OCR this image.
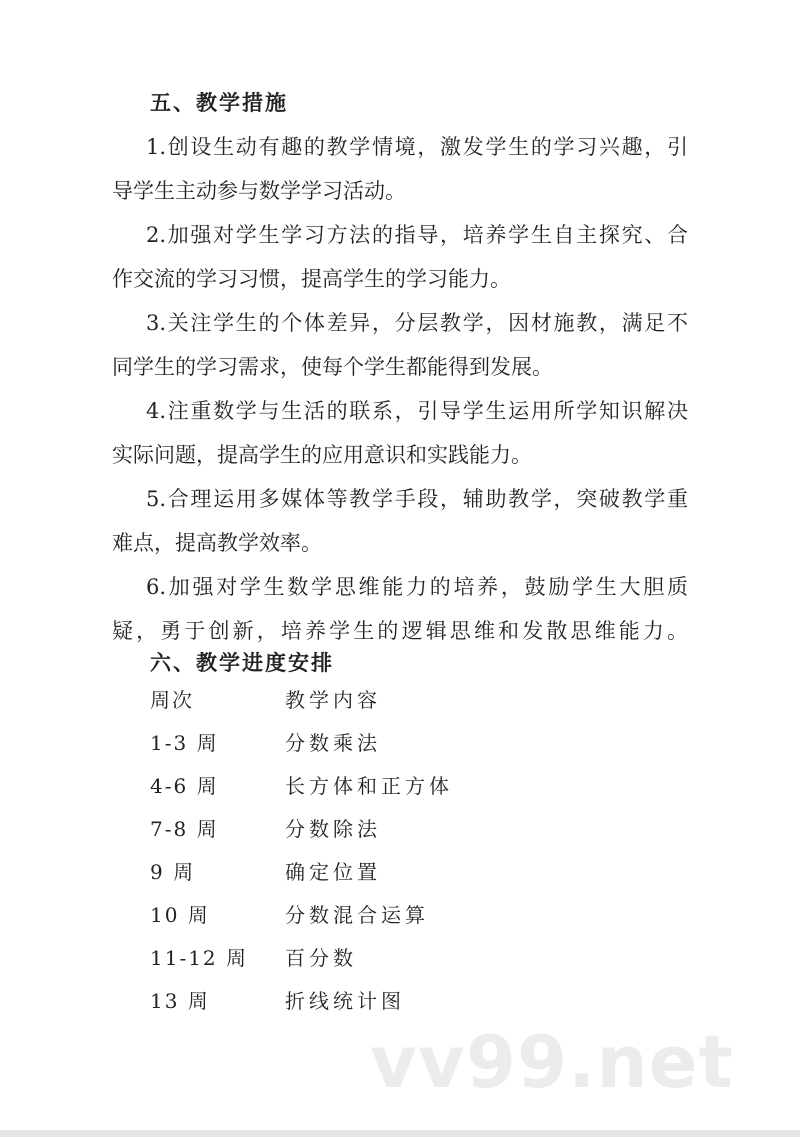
五、教学措施
1.创设生动有趣的教学情境，激发学生的学习兴趣，引
导学生主动参与数学学习活动。
2.加强对学生学习方法的指导，培养学生自主探究、合
作交流的学习习惯，提高学生的学习能力。
3.关注学生的个体差异，分层教学，因材施教，满足不
同学生的学习需求，使每个学生都能得到发展。
4.注重数学与生活的联系，引导学生运用所学知识解决
实际问题，提高学生的应用意识和实践能力。
5.合理运用多媒体等教学手段，辅助教学，突破教学重
难点，提高教学效率。
6.加强对学生数学思维能力的培养，鼓励学生大胆质
疑，勇于创新，培养学生的逻辑思维和发散思维能力。
六、教学进度安排
周次	教学内容
1-3 周	分数乘法
4-6 周	长方体和正方体
7-8 周	分数除法
9 周	确定位置
10 周	分数混合运算
11-12 周 百分数
13 周	折线统计图
vv99.net
